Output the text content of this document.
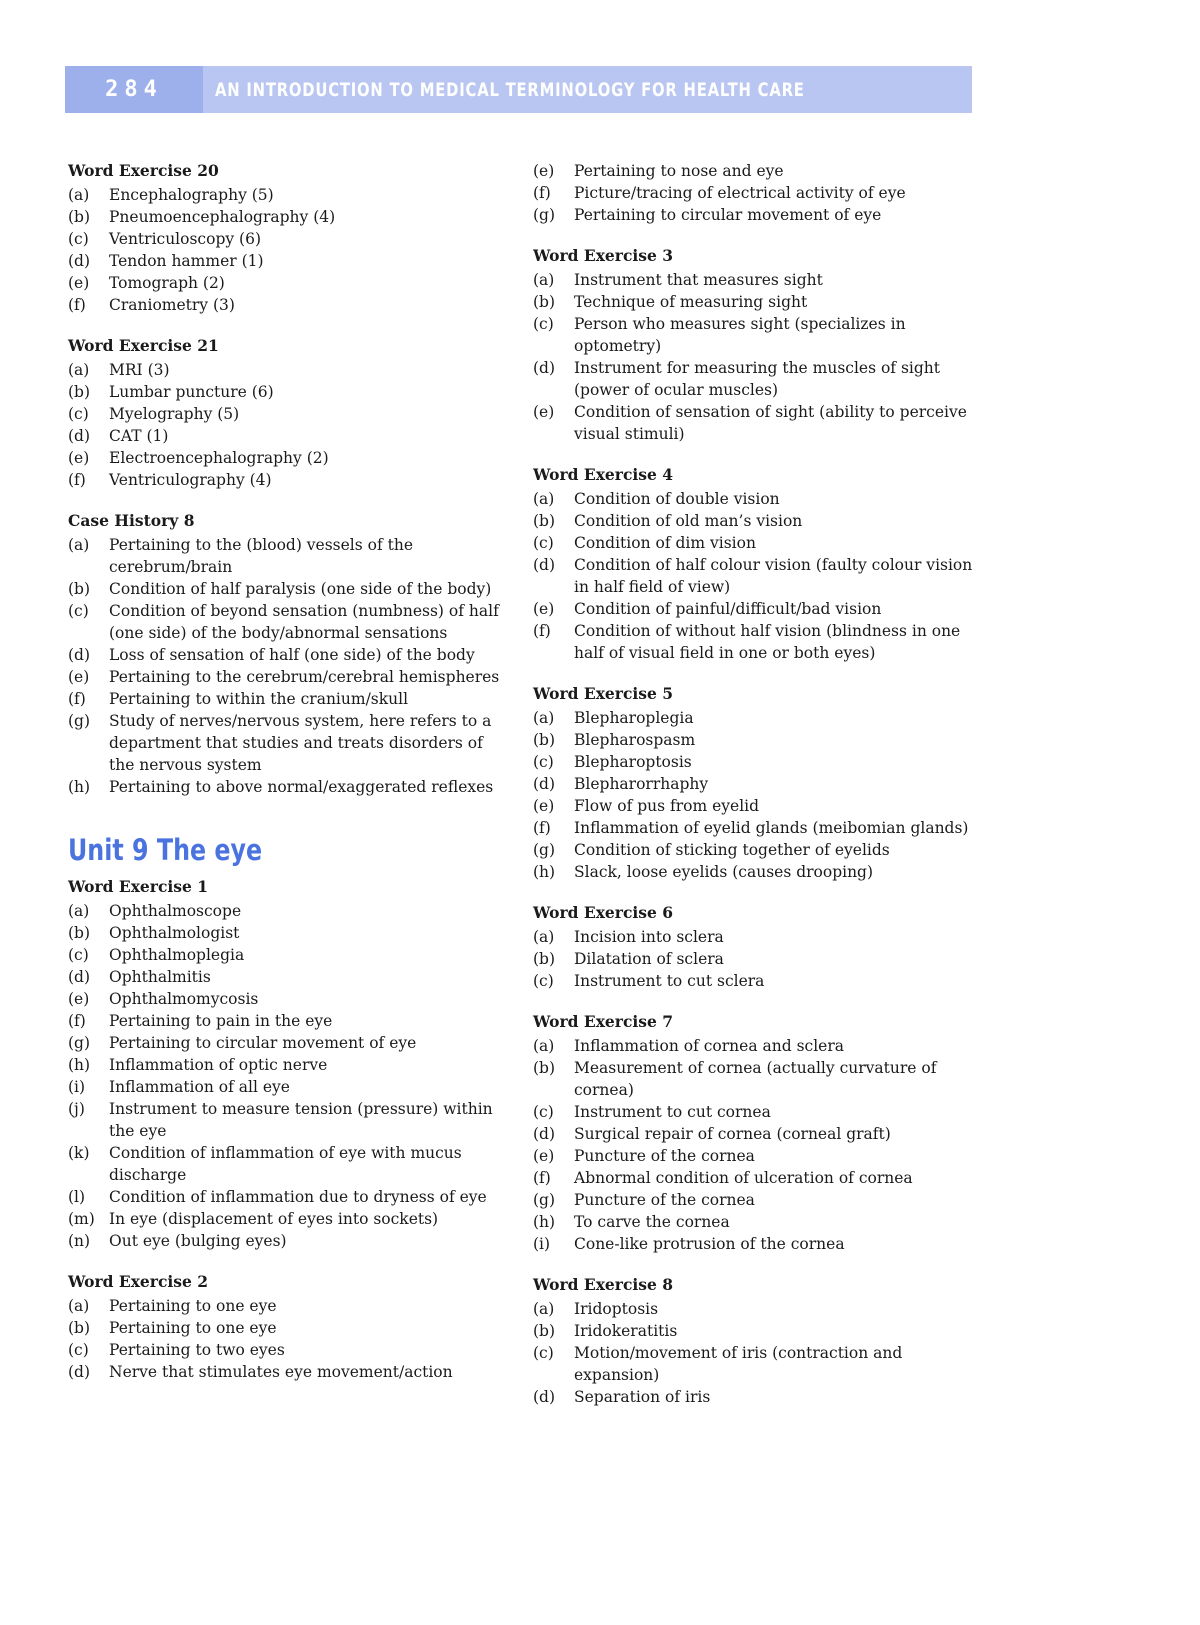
284	AN INTRODUCTION TO MEDICAL TERMINOLOGY FOR HEALTH CARE
Word Exercise 20
(a)	Encephalography (5)
(b)	Pneumoencephalography (4)
(c)	Ventriculoscopy (6)
(d)	Tendon hammer (1)
(e)	Tomograph (2)
(f)	Craniometry (3)
Word Exercise 21
(a)	MRI (3)
(b)	Lumbar puncture (6)
(c)	Myelography (5)
(d)	CAT (1)
(e)	Electroencephalography (2)
(f)	Ventriculography (4)
Case History 8
(a)	Pertaining to the (blood) vessels of the cerebrum/brain
(b)	Condition of half paralysis (one side of the body)
(c)	Condition of beyond sensation (numbness) of half (one side) of the body/abnormal sensations
(d)	Loss of sensation of half (one side) of the body
(e)	Pertaining to the cerebrum/cerebral hemispheres
(f)	Pertaining to within the cranium/skull
(g)	Study of nerves/nervous system, here refers to a department that studies and treats disorders of the nervous system
(h)	Pertaining to above normal/exaggerated reflexes
Unit 9 The eye
Word Exercise 1
(a)	Ophthalmoscope
(b)	Ophthalmologist
(c)	Ophthalmoplegia
(d)	Ophthalmitis
(e)	Ophthalmomycosis
(f)	Pertaining to pain in the eye
(g)	Pertaining to circular movement of eye
(h)	Inflammation of optic nerve
(i)	Inflammation of all eye
(j)	Instrument to measure tension (pressure) within the eye
(k)	Condition of inflammation of eye with mucus discharge
(l)	Condition of inflammation due to dryness of eye
(m) In eye (displacement of eyes into sockets)
(n)	Out eye (bulging eyes)
Word Exercise 2
(a)	Pertaining to one eye
(b)	Pertaining to one eye
(c)	Pertaining to two eyes
(d)	Nerve that stimulates eye movement/action
(e)	Pertaining to nose and eye
(f)	Picture/tracing of electrical activity of eye
(g)	Pertaining to circular movement of eye
Word Exercise 3
(a)	Instrument that measures sight
(b)	Technique of measuring sight
(c)	Person who measures sight (specializes in optometry)
(d)	Instrument for measuring the muscles of sight (power of ocular muscles)
(e)	Condition of sensation of sight (ability to perceive visual stimuli)
Word Exercise 4
(a)	Condition of double vision
(b)	Condition of old man’s vision
(c)	Condition of dim vision
(d)	Condition of half colour vision (faulty colour vision in half field of view)
(e)	Condition of painful/difficult/bad vision
(f)	Condition of without half vision (blindness in one half of visual field in one or both eyes)
Word Exercise 5
(a)	Blepharoplegia
(b)	Blepharospasm
(c)	Blepharoptosis
(d)	Blepharorrhaphy
(e)	Flow of pus from eyelid
(f)	Inflammation of eyelid glands (meibomian glands)
(g)	Condition of sticking together of eyelids
(h)	Slack, loose eyelids (causes drooping)
Word Exercise 6
(a)	Incision into sclera
(b)	Dilatation of sclera
(c)	Instrument to cut sclera
Word Exercise 7
(a)	Inflammation of cornea and sclera
(b)	Measurement of cornea (actually curvature of cornea)
(c)	Instrument to cut cornea
(d)	Surgical repair of cornea (corneal graft)
(e)	Puncture of the cornea
(f)	Abnormal condition of ulceration of cornea
(g)	Puncture of the cornea
(h)	To carve the cornea
(i)	Cone-like protrusion of the cornea
Word Exercise 8
(a)	Iridoptosis
(b)	Iridokeratitis
(c)	Motion/movement of iris (contraction and expansion)
(d)	Separation of iris
